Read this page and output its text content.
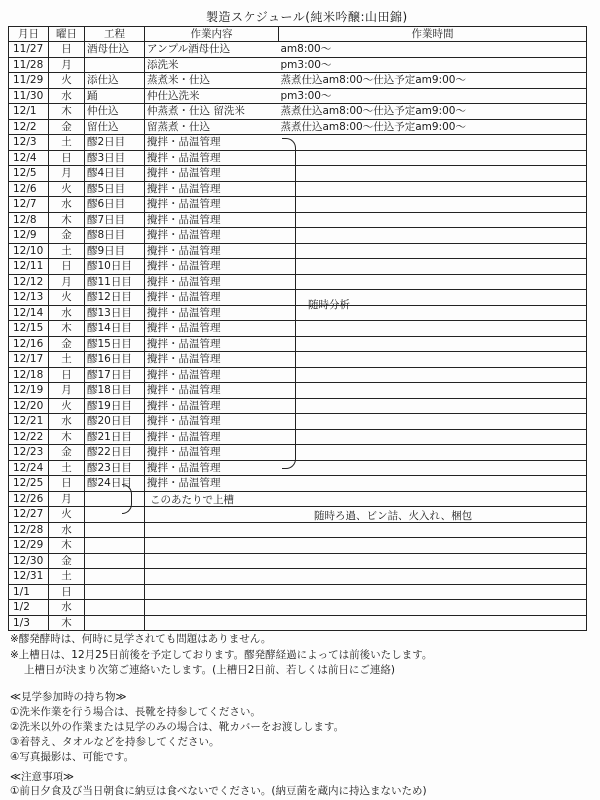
製造スケジュール(純米吟醸:山田錦)
月日	曜日	工程	作業内容	作業時間
11/27	日	酒母仕込	アンプル酒母仕込	am8:00～
11/28	月		添洗米	pm3:00～
11/29	火	添仕込	蒸煮米・仕込	蒸煮仕込am8:00～仕込予定am9:00～
11/30	水	踊	仲仕込洗米	pm3:00～
12/1	木	仲仕込	仲蒸煮・仕込 留洗米	蒸煮仕込am8:00～仕込予定am9:00～
12/2	金	留仕込	留蒸煮・仕込	蒸煮仕込am8:00～仕込予定am9:00～
12/3	土	醪2日目	攪拌・品温管理	
12/4	日	醪3日目	攪拌・品温管理	
12/5	月	醪4日目	攪拌・品温管理	
12/6	火	醪5日目	攪拌・品温管理	
12/7	水	醪6日目	攪拌・品温管理	
12/8	木	醪7日目	攪拌・品温管理	
12/9	金	醪8日目	攪拌・品温管理	
12/10	土	醪9日目	攪拌・品温管理	
12/11	日	醪10日目	攪拌・品温管理	
12/12	月	醪11日目	攪拌・品温管理	
12/13	火	醪12日目	攪拌・品温管理	
12/14	水	醪13日目	攪拌・品温管理	
12/15	木	醪14日目	攪拌・品温管理	
12/16	金	醪15日目	攪拌・品温管理	
12/17	土	醪16日目	攪拌・品温管理	
12/18	日	醪17日目	攪拌・品温管理	
12/19	月	醪18日目	攪拌・品温管理	
12/20	火	醪19日目	攪拌・品温管理	
12/21	水	醪20日目	攪拌・品温管理	
12/22	木	醪21日目	攪拌・品温管理	
12/23	金	醪22日目	攪拌・品温管理	
12/24	土	醪23日目	攪拌・品温管理	
12/25	日	醪24日目	攪拌・品温管理	
12/26	月			
12/27	火			
12/28	水			
12/29	木			
12/30	金			
12/31	土			
1/1	日			
1/2	水			
1/3	木			
随時分析
このあたりで上槽
随時ろ過、ビン詰、火入れ、梱包
※醪発酵時は、何時に見学されても問題はありません。
※上槽日は、12月25日前後を予定しております。醪発酵経過によっては前後いたします。
上槽日が決まり次第ご連絡いたします。(上槽日2日前、若しくは前日にご連絡)
≪見学参加時の持ち物≫
①洗米作業を行う場合は、長靴を持参してください。
②洗米以外の作業または見学のみの場合は、靴カバーをお渡しします。
③着替え、タオルなどを持参してください。
④写真撮影は、可能です。
≪注意事項≫
①前日夕食及び当日朝食に納豆は食べないでください。(納豆菌を蔵内に持込まないため)
